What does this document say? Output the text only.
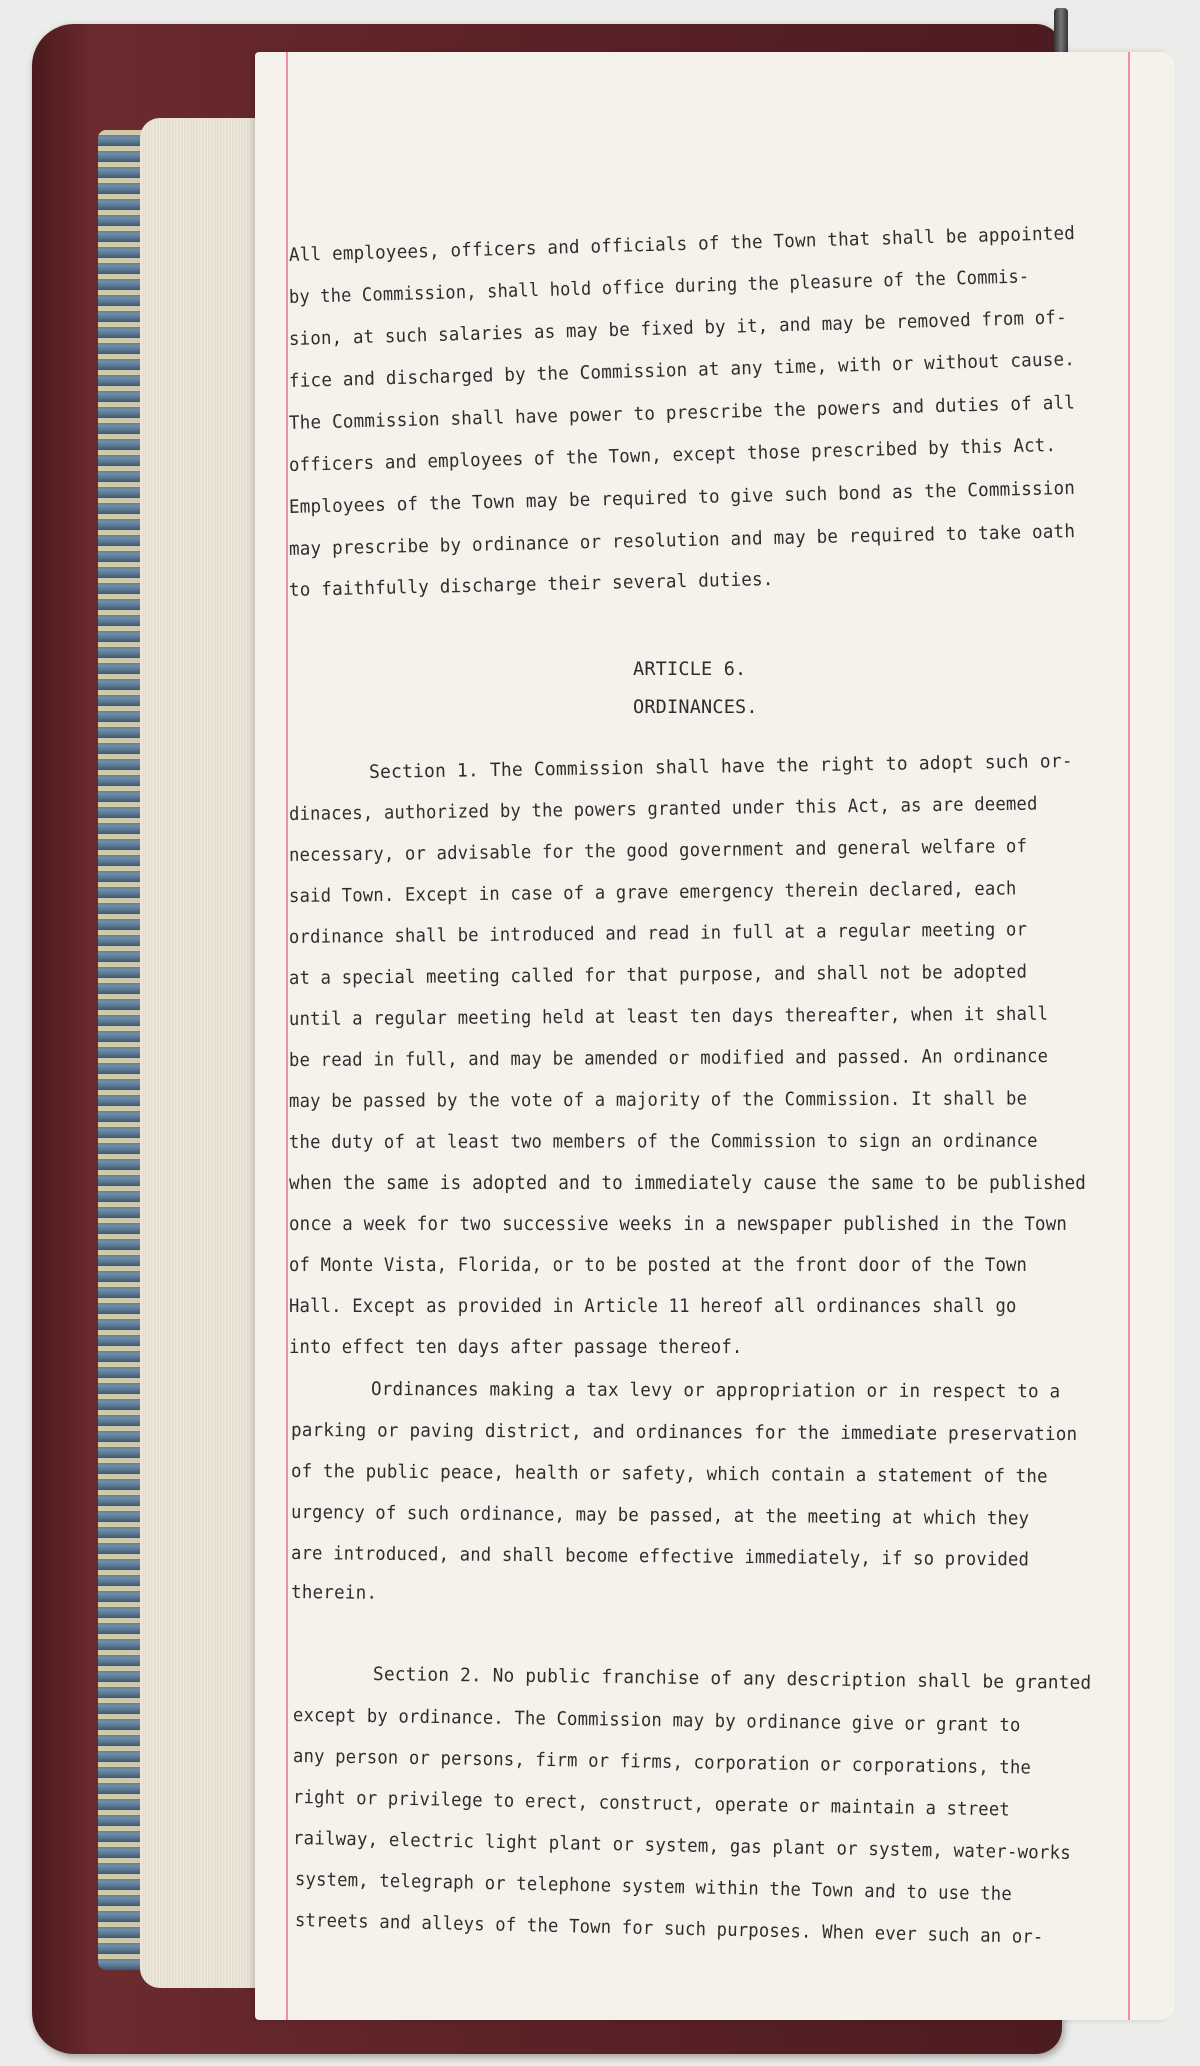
All employees, officers and officials of the Town that shall be appointed
by the Commission, shall hold office during the pleasure of the Commis-
sion, at such salaries as may be fixed by it, and may be removed from of-
fice and discharged by the Commission at any time, with or without cause.
The Commission shall have power to prescribe the powers and duties of all
officers and employees of the Town, except those prescribed by this Act.
Employees of the Town may be required to give such bond as the Commission
may prescribe by ordinance or resolution and may be required to take oath
to faithfully discharge their several duties.
ARTICLE 6.
ORDINANCES.
Section 1. The Commission shall have the right to adopt such or-
dinaces, authorized by the powers granted under this Act, as are deemed
necessary, or advisable for the good government and general welfare of
said Town. Except in case of a grave emergency therein declared, each
ordinance shall be introduced and read in full at a regular meeting or
at a special meeting called for that purpose, and shall not be adopted
until a regular meeting held at least ten days thereafter, when it shall
be read in full, and may be amended or modified and passed. An ordinance
may be passed by the vote of a majority of the Commission. It shall be
the duty of at least two members of the Commission to sign an ordinance
when the same is adopted and to immediately cause the same to be published
once a week for two successive weeks in a newspaper published in the Town
of Monte Vista, Florida, or to be posted at the front door of the Town
Hall. Except as provided in Article 11 hereof all ordinances shall go
into effect ten days after passage thereof.
Ordinances making a tax levy or appropriation or in respect to a
parking or paving district, and ordinances for the immediate preservation
of the public peace, health or safety, which contain a statement of the
urgency of such ordinance, may be passed, at the meeting at which they
are introduced, and shall become effective immediately, if so provided
therein.
Section 2. No public franchise of any description shall be granted
except by ordinance. The Commission may by ordinance give or grant to
any person or persons, firm or firms, corporation or corporations, the
right or privilege to erect, construct, operate or maintain a street
railway, electric light plant or system, gas plant or system, water-works
system, telegraph or telephone system within the Town and to use the
streets and alleys of the Town for such purposes. When ever such an or-
